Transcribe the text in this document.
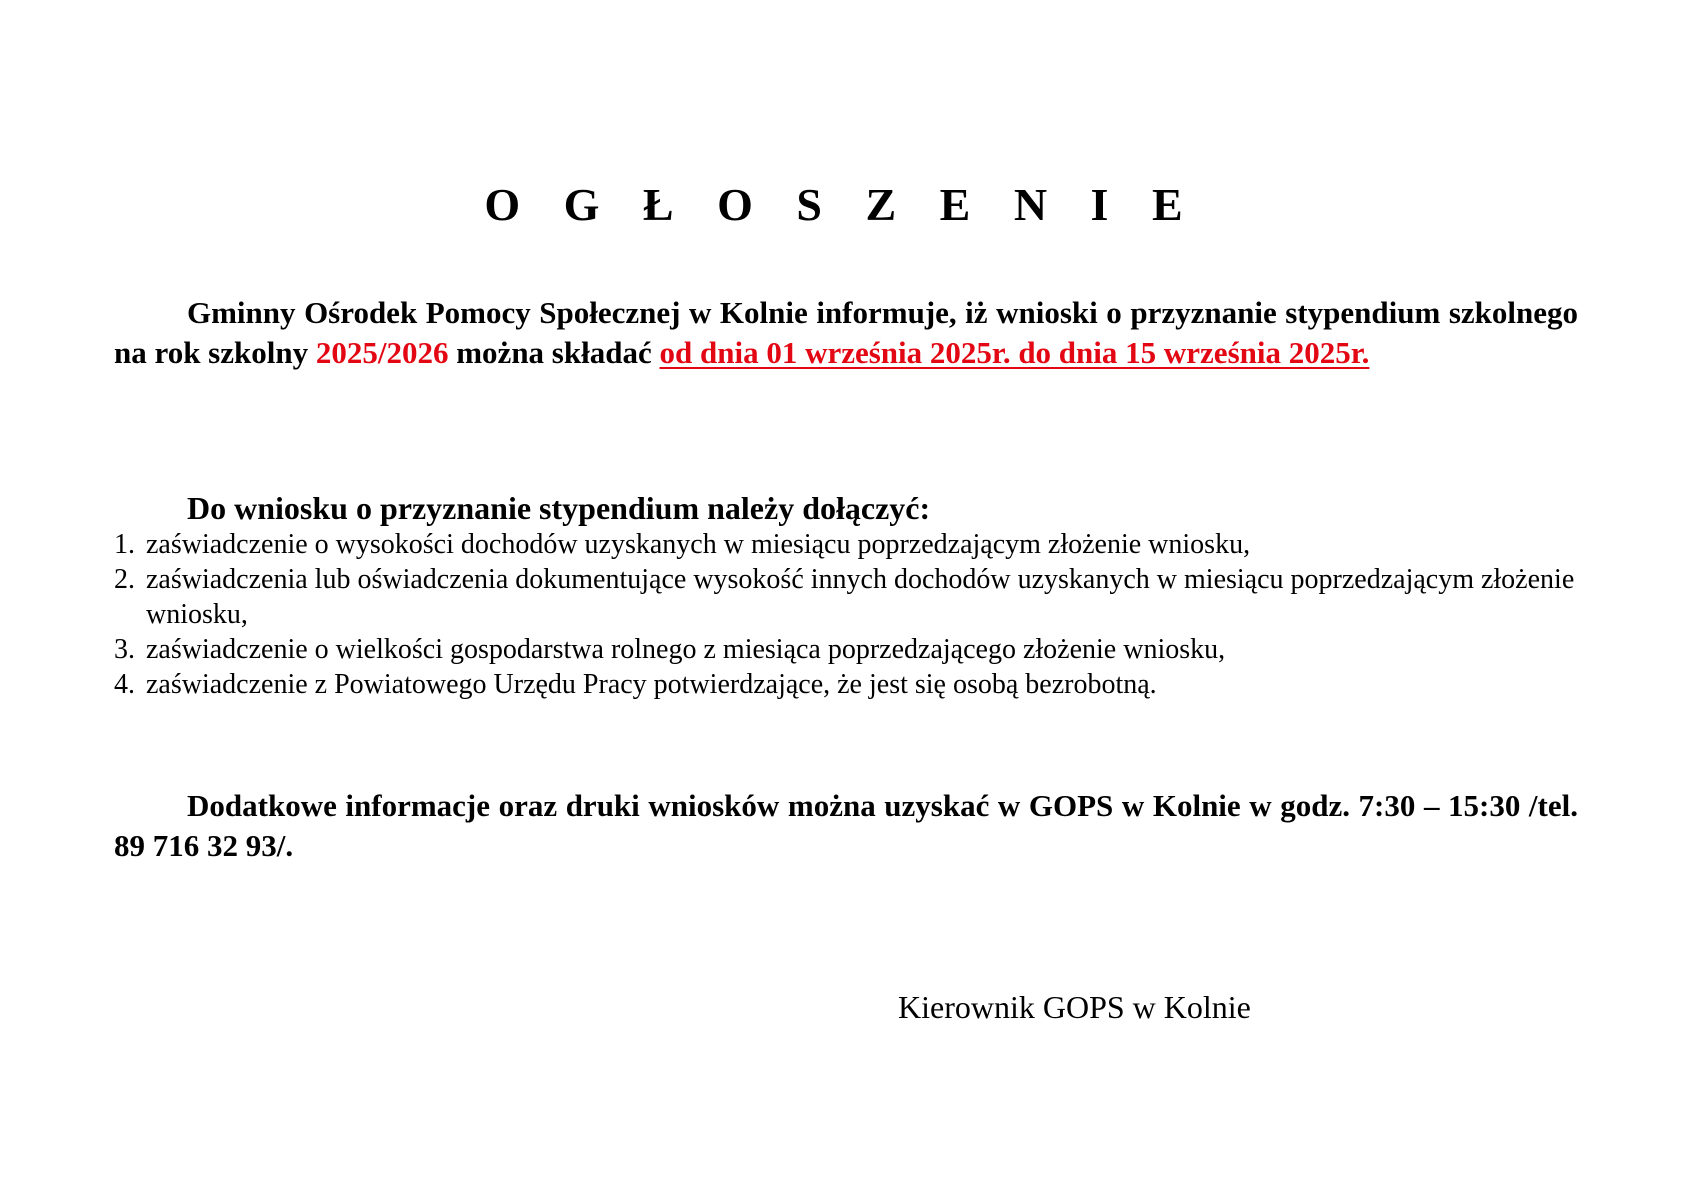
O G Ł O S Z E N I E

Gminny Ośrodek Pomocy Społecznej w Kolnie informuje, iż wnioski o przyznanie stypendium szkolnego na rok szkolny 2025/2026 można składać od dnia 01 września 2025r. do dnia 15 września 2025r.

Do wniosku o przyznanie stypendium należy dołączyć:
1. zaświadczenie o wysokości dochodów uzyskanych w miesiącu poprzedzającym złożenie wniosku,
2. zaświadczenia lub oświadczenia dokumentujące wysokość innych dochodów uzyskanych w miesiącu poprzedzającym złożenie wniosku,
3. zaświadczenie o wielkości gospodarstwa rolnego z miesiąca poprzedzającego złożenie wniosku,
4. zaświadczenie z Powiatowego Urzędu Pracy potwierdzające, że jest się osobą bezrobotną.

Dodatkowe informacje oraz druki wniosków można uzyskać w GOPS w Kolnie w godz. 7:30 – 15:30 /tel. 89 716 32 93/.

Kierownik GOPS w Kolnie
